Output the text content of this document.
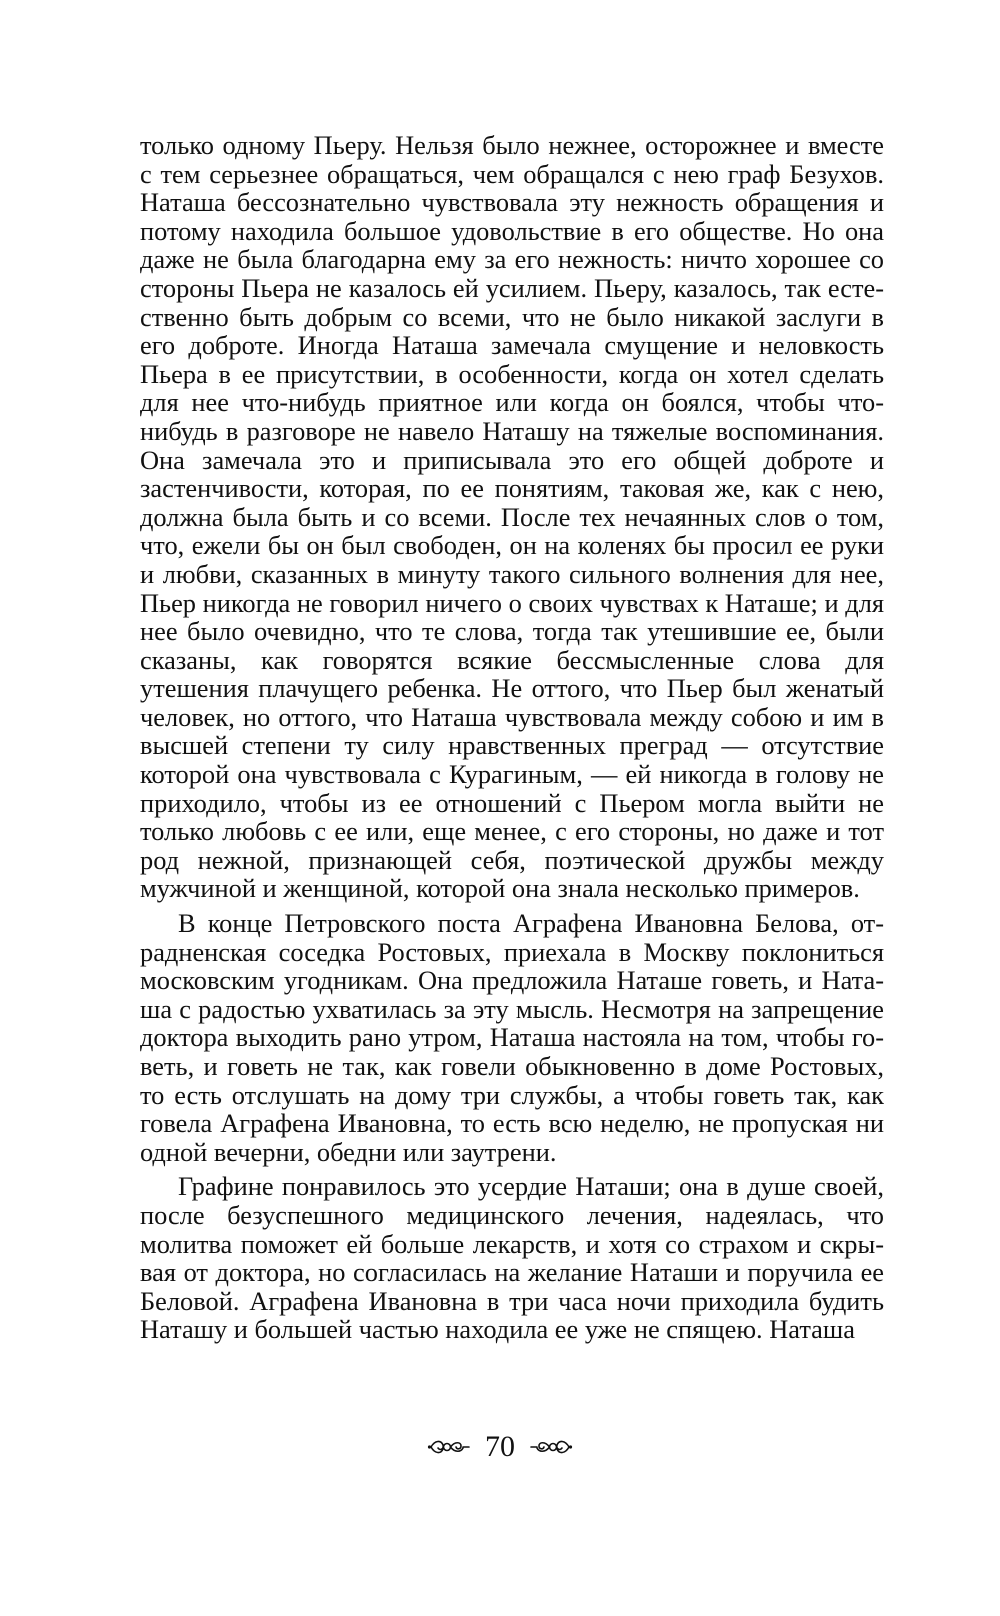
только одному Пьеру. Нельзя было нежнее, осторожнее и вместе с тем серьезнее обращаться, чем обращался с нею граф Безухов. Наташа бессознательно чувствовала эту нежность обращения и потому находила большое удовольствие в его обществе. Но она даже не была благодарна ему за его нежность: ничто хорошее со стороны Пьера не казалось ей усилием. Пьеру, казалось, так естественно быть добрым со всеми, что не было никакой заслуги в его доброте. Иногда Наташа замечала смущение и неловкость Пьера в ее присутствии, в особенности, когда он хотел сделать для нее что-нибудь приятное или когда он боялся, чтобы что-нибудь в разговоре не навело Наташу на тяжелые воспоминания. Она замечала это и приписывала это его общей доброте и застенчивости, которая, по ее понятиям, таковая же, как с нею, должна была быть и со всеми. После тех нечаянных слов о том, что, ежели бы он был свободен, он на коленях бы просил ее руки и любви, сказанных в минуту такого сильного волнения для нее, Пьер никогда не говорил ничего о своих чувствах к Наташе; и для нее было очевидно, что те слова, тогда так утешившие ее, были сказаны, как говорятся всякие бессмысленные слова для утешения плачущего ребенка. Не оттого, что Пьер был женатый человек, но оттого, что Наташа чувствовала между собою и им в высшей степени ту силу нравственных преград — отсутствие которой она чувствовала с Курагиным, — ей никогда в голову не приходило, чтобы из ее отношений с Пьером могла выйти не только любовь с ее или, еще менее, с его стороны, но даже и тот род нежной, признающей себя, поэтической дружбы между мужчиной и женщиной, которой она знала несколько примеров.

В конце Петровского поста Аграфена Ивановна Белова, отрадненская соседка Ростовых, приехала в Москву поклониться московским угодникам. Она предложила Наташе говеть, и Наташа с радостью ухватилась за эту мысль. Несмотря на запрещение доктора выходить рано утром, Наташа настояла на том, чтобы говеть, и говеть не так, как говели обыкновенно в доме Ростовых, то есть отслушать на дому три службы, а чтобы говеть так, как говела Аграфена Ивановна, то есть всю неделю, не пропуская ни одной вечерни, обедни или заутрени.

Графине понравилось это усердие Наташи; она в душе своей, после безуспешного медицинского лечения, надеялась, что молитва поможет ей больше лекарств, и хотя со страхом и скрывая от доктора, но согласилась на желание Наташи и поручила ее Беловой. Аграфена Ивановна в три часа ночи приходила будить Наташу и большей частью находила ее уже не спящею. Наташа

70
